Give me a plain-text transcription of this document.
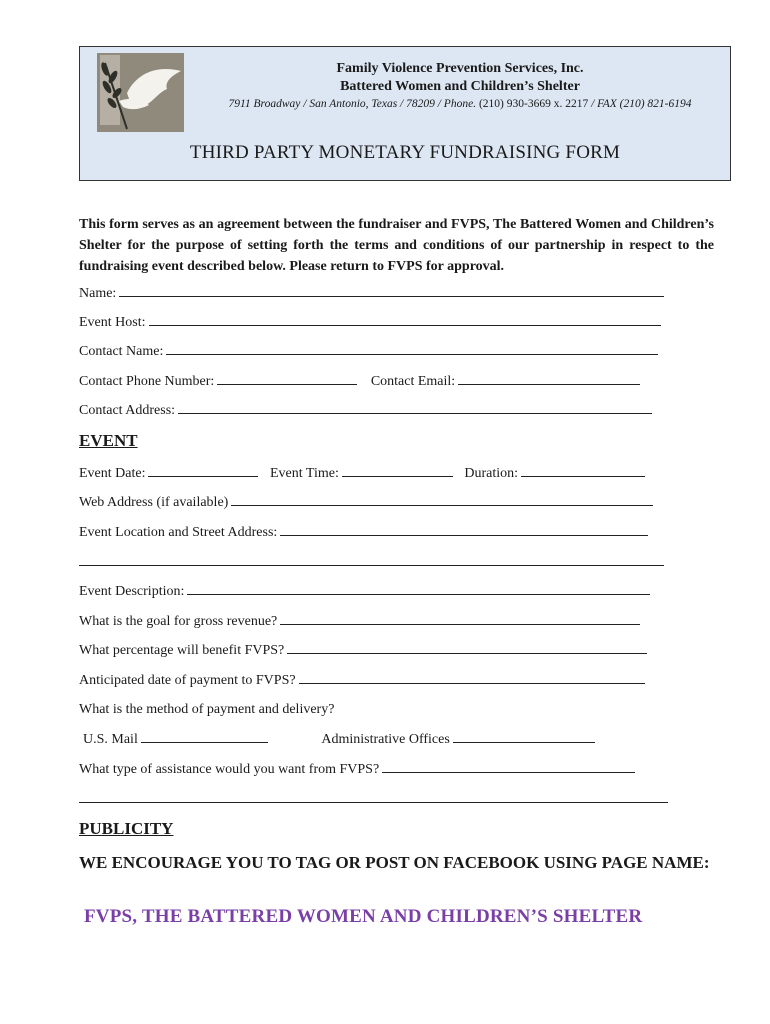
Family Violence Prevention Services, Inc.
Battered Women and Children’s Shelter
7911 Broadway / San Antonio, Texas / 78209 / Phone. (210) 930-3669 x. 2217 / FAX (210) 821-6194
THIRD PARTY MONETARY FUNDRAISING FORM
This form serves as an agreement between the fundraiser and FVPS, The Battered Women and Children’s Shelter for the purpose of setting forth the terms and conditions of our partnership in respect to the fundraising event described below. Please return to FVPS for approval.
Name:
Event Host:
Contact Name:
Contact Phone Number:	Contact Email:
Contact Address:
EVENT
Event Date:	Event Time:	Duration:
Web Address (if available)
Event Location and Street Address:
Event Description:
What is the goal for gross revenue?
What percentage will benefit FVPS?
Anticipated date of payment to FVPS?
What is the method of payment and delivery?
U.S. Mail	Administrative Offices
What type of assistance would you want from FVPS?
PUBLICITY
WE ENCOURAGE YOU TO TAG OR POST ON FACEBOOK USING PAGE NAME:
FVPS, THE BATTERED WOMEN AND CHILDREN’S SHELTER
